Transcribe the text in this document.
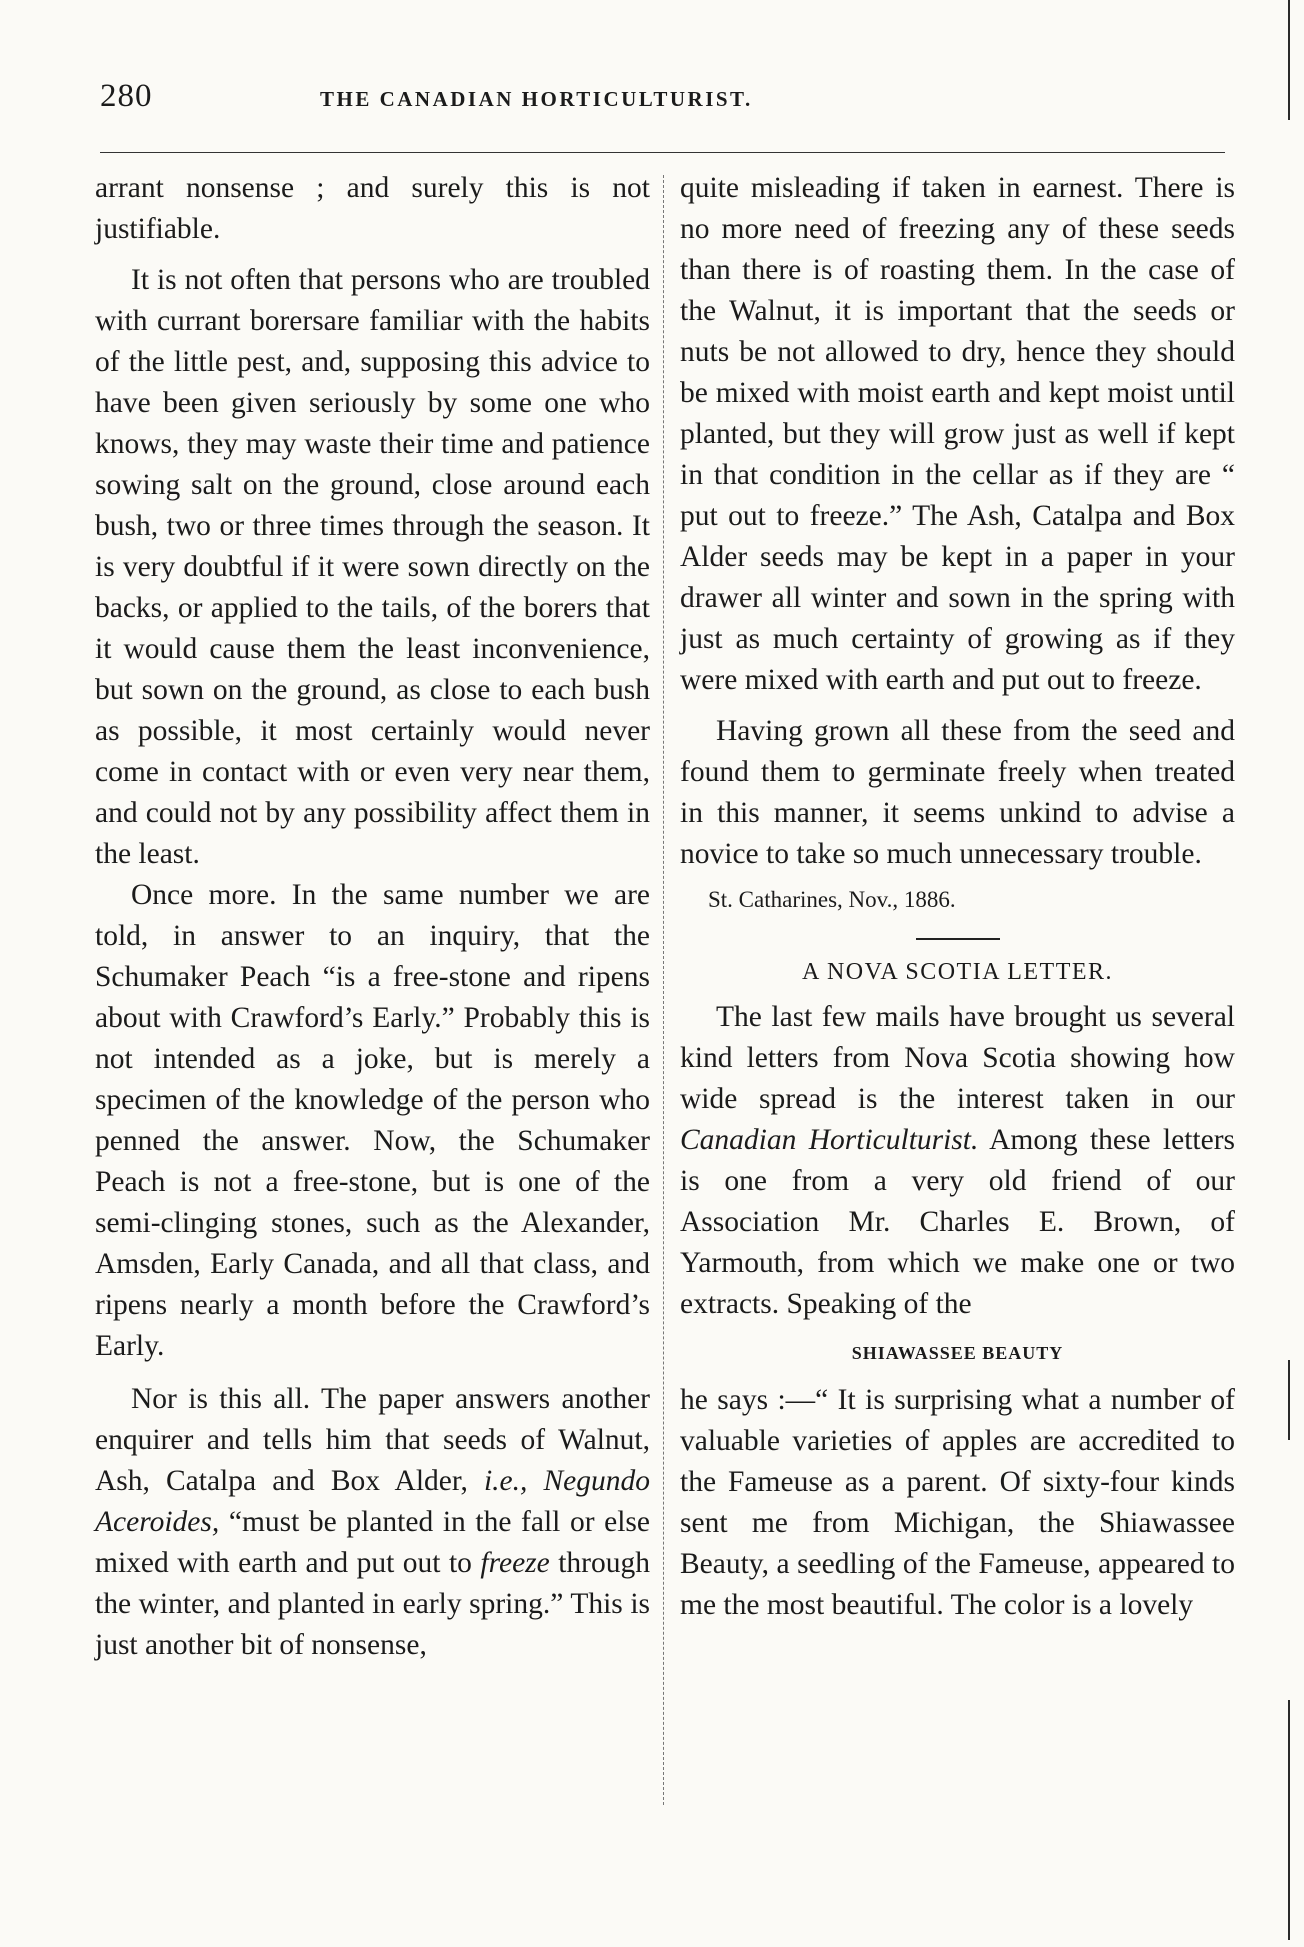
280	THE CANADIAN HORTICULTURIST.

arrant nonsense ; and surely this is not justifiable.

It is not often that persons who are troubled with currant borersare familiar with the habits of the little pest, and, supposing this advice to have been given seriously by some one who knows, they may waste their time and patience sowing salt on the ground, close around each bush, two or three times through the season. It is very doubtful if it were sown directly on the backs, or applied to the tails, of the borers that it would cause them the least inconvenience, but sown on the ground, as close to each bush as possible, it most certainly would never come in contact with or even very near them, and could not by any possibility affect them in the least.

Once more. In the same number we are told, in answer to an inquiry, that the Schumaker Peach “is a free-stone and ripens about with Crawford’s Early.” Probably this is not intended as a joke, but is merely a specimen of the knowledge of the person who penned the answer. Now, the Schumaker Peach is not a free-stone, but is one of the semi-clinging stones, such as the Alexander, Amsden, Early Canada, and all that class, and ripens nearly a month before the Crawford’s Early.

Nor is this all. The paper answers another enquirer and tells him that seeds of Walnut, Ash, Catalpa and Box Alder, i.e., Negundo Aceroides, “must be planted in the fall or else mixed with earth and put out to freeze through the winter, and planted in early spring.” This is just another bit of nonsense,

quite misleading if taken in earnest. There is no more need of freezing any of these seeds than there is of roasting them. In the case of the Walnut, it is important that the seeds or nuts be not allowed to dry, hence they should be mixed with moist earth and kept moist until planted, but they will grow just as well if kept in that condition in the cellar as if they are “ put out to freeze.” The Ash, Catalpa and Box Alder seeds may be kept in a paper in your drawer all winter and sown in the spring with just as much certainty of growing as if they were mixed with earth and put out to freeze.

Having grown all these from the seed and found them to germinate freely when treated in this manner, it seems unkind to advise a novice to take so much unnecessary trouble.

St. Catharines, Nov., 1886.

A NOVA SCOTIA LETTER.

The last few mails have brought us several kind letters from Nova Scotia showing how wide spread is the interest taken in our Canadian Horticulturist. Among these letters is one from a very old friend of our Association Mr. Charles E. Brown, of Yarmouth, from which we make one or two extracts. Speaking of the

SHIAWASSEE BEAUTY

he says :—“ It is surprising what a number of valuable varieties of apples are accredited to the Fameuse as a parent. Of sixty-four kinds sent me from Michigan, the Shiawassee Beauty, a seedling of the Fameuse, appeared to me the most beautiful. The color is a lovely
